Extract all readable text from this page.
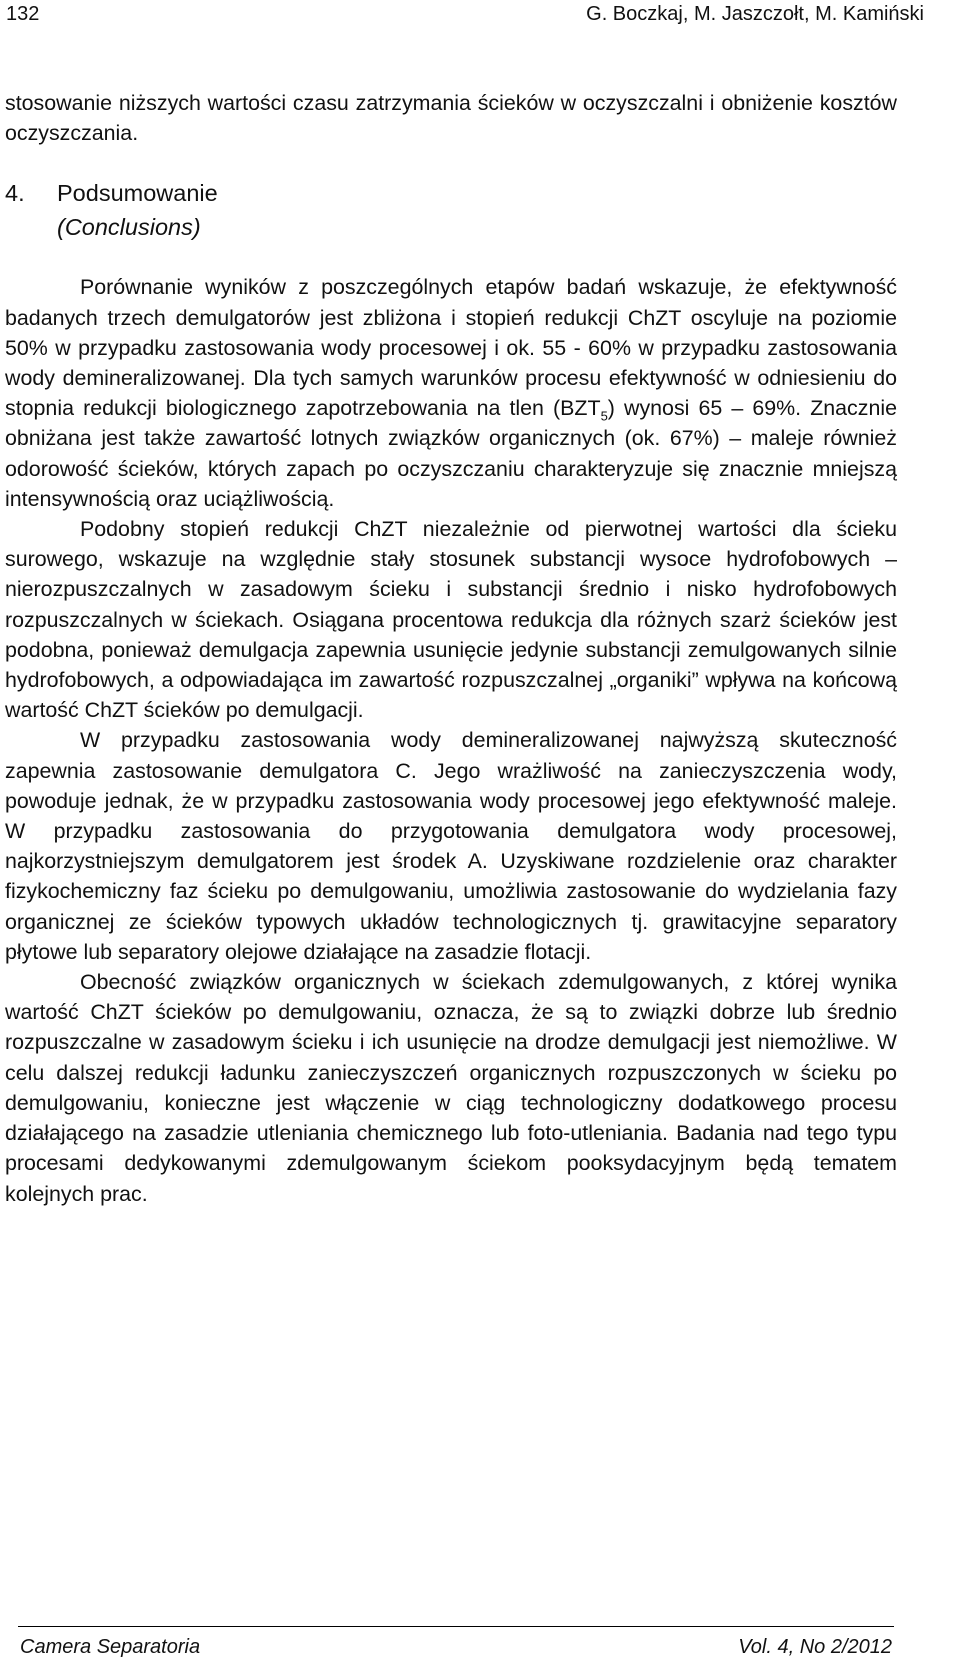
132	G. Boczkaj, M. Jaszczołt, M. Kamiński

stosowanie niższych wartości czasu zatrzymania ścieków w oczyszczalni i obniżenie kosztów oczyszczania.

4.	Podsumowanie
(Conclusions)

Porównanie wyników z poszczególnych etapów badań wskazuje, że efektywność badanych trzech demulgatorów jest zbliżona i stopień redukcji ChZT oscyluje na poziomie 50% w przypadku zastosowania wody procesowej i ok. 55 - 60% w przypadku zastosowania wody demineralizowanej. Dla tych samych warunków procesu efektywność w odniesieniu do stopnia redukcji biologicznego zapotrzebowania na tlen $(BZT_5)$ wynosi 65 – 69%. Znacznie obniżana jest także zawartość lotnych związków organicznych (ok. 67%) – maleje również odorowość ścieków, których zapach po oczyszczaniu charakteryzuje się znacznie mniejszą intensywnością oraz uciążliwością.

Podobny stopień redukcji ChZT niezależnie od pierwotnej wartości dla ścieku surowego, wskazuje na względnie stały stosunek substancji wysoce hydrofobowych – nierozpuszczalnych w zasadowym ścieku i substancji średnio i nisko hydrofobowych rozpuszczalnych w ściekach. Osiągana procentowa redukcja dla różnych szarż ścieków jest podobna, ponieważ demulgacja zapewnia usunięcie jedynie substancji zemulgowanych silnie hydrofobowych, a odpowiadająca im zawartość rozpuszczalnej „organiki” wpływa na końcową wartość ChZT ścieków po demulgacji.

W przypadku zastosowania wody demineralizowanej najwyższą skuteczność zapewnia zastosowanie demulgatora C. Jego wrażliwość na zanieczyszczenia wody, powoduje jednak, że w przypadku zastosowania wody procesowej jego efektywność maleje. W przypadku zastosowania do przygotowania demulgatora wody procesowej, najkorzystniejszym demulgatorem jest środek A. Uzyskiwane rozdzielenie oraz charakter fizykochemiczny faz ścieku po demulgowaniu, umożliwia zastosowanie do wydzielania fazy organicznej ze ścieków typowych układów technologicznych tj. grawitacyjne separatory płytowe lub separatory olejowe działające na zasadzie flotacji.

Obecność związków organicznych w ściekach zdemulgowanych, z której wynika wartość ChZT ścieków po demulgowaniu, oznacza, że są to związki dobrze lub średnio rozpuszczalne w zasadowym ścieku i ich usunięcie na drodze demulgacji jest niemożliwe. W celu dalszej redukcji ładunku zanieczyszczeń organicznych rozpuszczonych w ścieku po demulgowaniu, konieczne jest włączenie w ciąg technologiczny dodatkowego procesu działającego na zasadzie utleniania chemicznego lub foto-utleniania. Badania nad tego typu procesami dedykowanymi zdemulgowanym ściekom pooksydacyjnym będą tematem kolejnych prac.

Camera Separatoria	Vol. 4, No 2/2012
